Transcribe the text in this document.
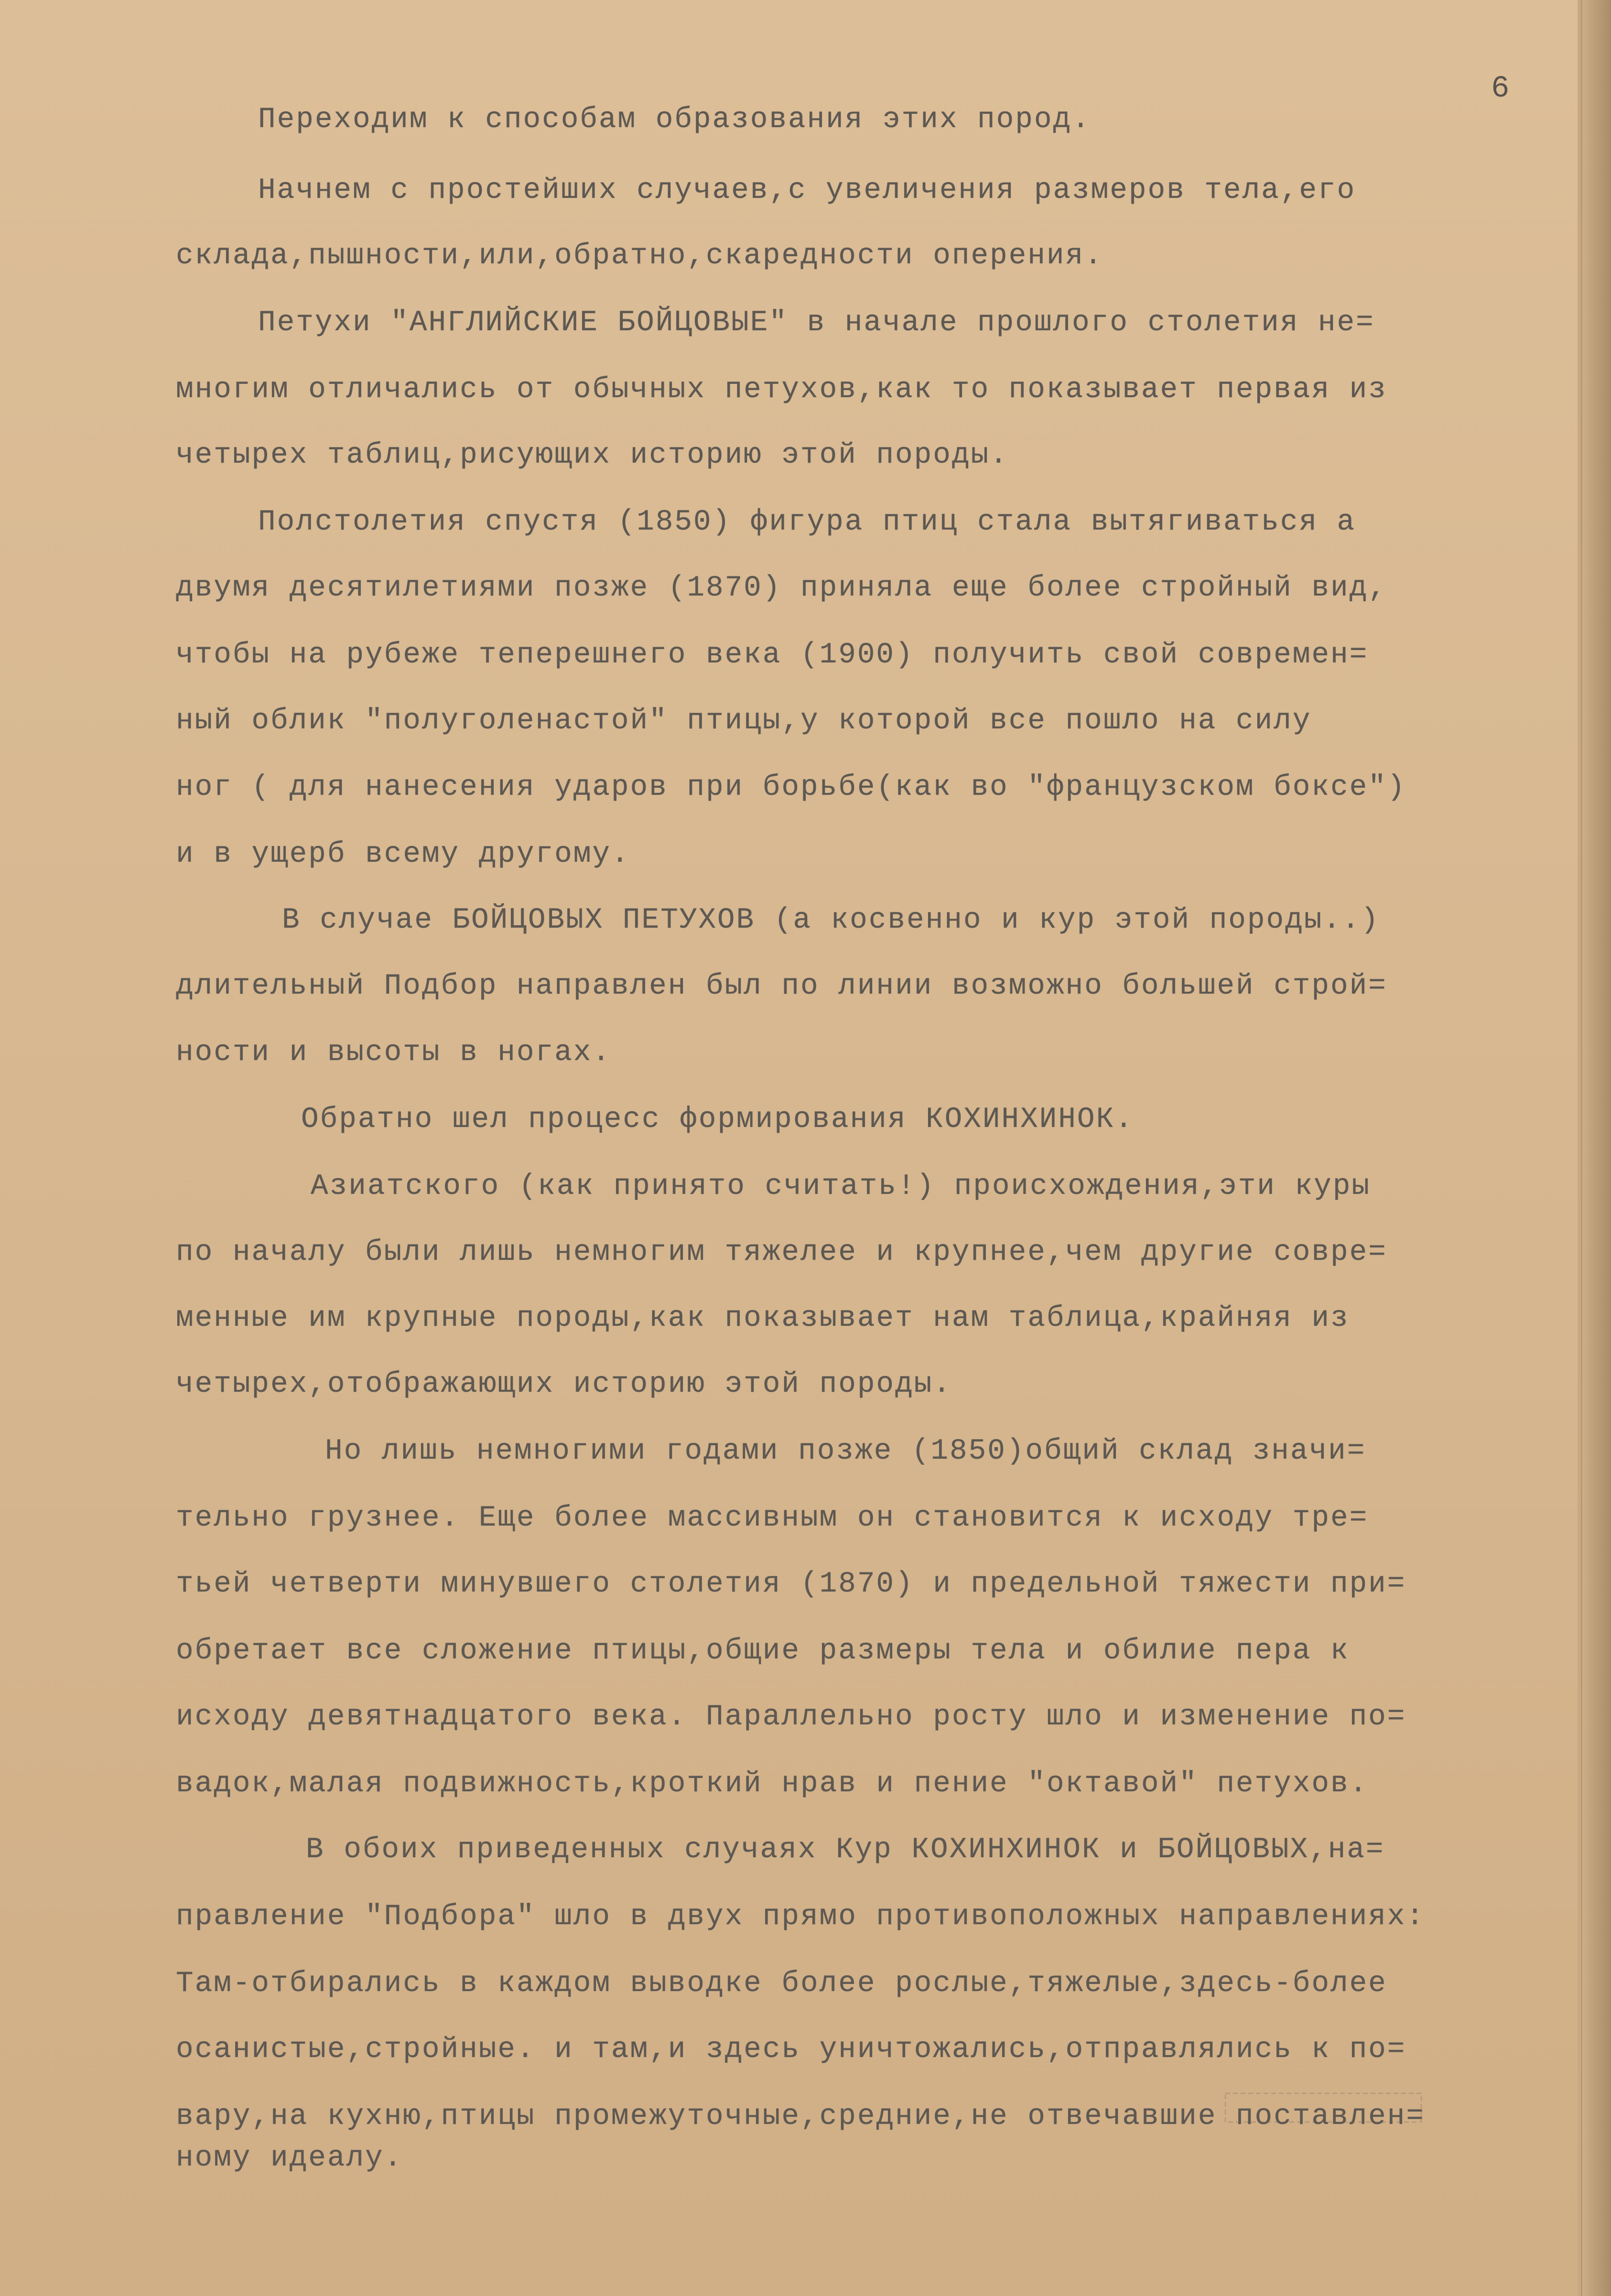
6
Переходим к способам образования этих пород.
Начнем с простейших случаев,с увеличения размеров тела,его
склада,пышности,или,обратно,скаредности оперения.
Петухи "АНГЛИЙСКИЕ БОЙЦОВЫЕ" в начале прошлого столетия не=
многим отличались от обычных петухов,как то показывает первая из
четырех таблиц,рисующих историю этой породы.
Полстолетия спустя (1850) фигура птиц стала вытягиваться а
двумя десятилетиями позже (1870) приняла еще более стройный вид,
чтобы на рубеже теперешнего века (1900) получить свой современ=
ный облик "полуголенастой" птицы,у которой все пошло на силу
ног ( для нанесения ударов при борьбе(как во "французском боксе")
и в ущерб всему другому.
В случае БОЙЦОВЫХ ПЕТУХОВ (а косвенно и кур этой породы..)
длительный Подбор направлен был по линии возможно большей строй=
ности и высоты в ногах.
Обратно шел процесс формирования КОХИНХИНОК.
Азиатского (как принято считать!) происхождения,эти куры
по началу были лишь немногим тяжелее и крупнее,чем другие совре=
менные им крупные породы,как показывает нам таблица,крайняя из
четырех,отображающих историю этой породы.
Но лишь немногими годами позже (1850)общий склад значи=
тельно грузнее. Еще более массивным он становится к исходу тре=
тьей четверти минувшего столетия (1870) и предельной тяжести при=
обретает все сложение птицы,общие размеры тела и обилие пера к
исходу девятнадцатого века. Параллельно росту шло и изменение по=
вадок,малая подвижность,кроткий нрав и пение "октавой" петухов.
В обоих приведенных случаях Кур КОХИНХИНОК и БОЙЦОВЫХ,на=
правление "Подбора" шло в двух прямо противоположных направлениях:
Там-отбирались в каждом выводке более рослые,тяжелые,здесь-более
осанистые,стройные. и там,и здесь уничтожались,отправлялись к по=
вару,на кухню,птицы промежуточные,средние,не отвечавшие поставлен=
ному идеалу.
